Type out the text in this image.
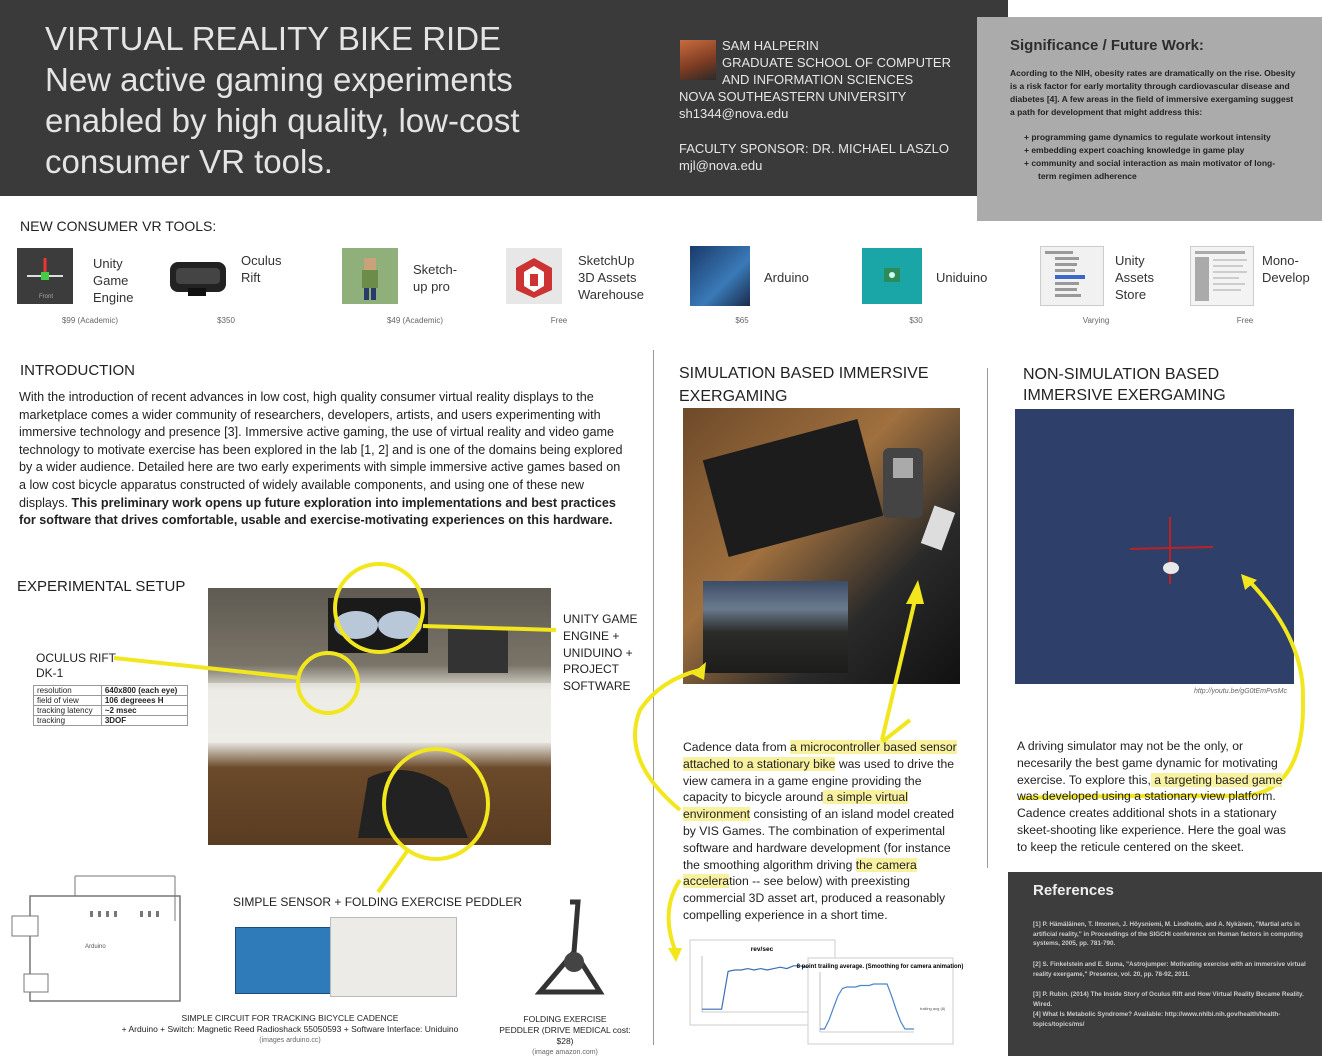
VIRTUAL REALITY BIKE RIDE
New active gaming experiments
enabled by high quality, low-cost
consumer VR tools.
SAM HALPERIN
GRADUATE SCHOOL OF COMPUTER
AND INFORMATION SCIENCES
NOVA SOUTHEASTERN UNIVERSITY
sh1344@nova.edu
FACULTY SPONSOR: DR. MICHAEL LASZLO
mjl@nova.edu
Significance / Future Work:

Acording to the NIH, obesity rates are dramatically on the rise. Obesity is a risk factor for early mortality through cardiovascular disease and diabetes [4]. A few areas in the field of immersive exergaming suggest a path for development that might address this:

+ programming game dynamics to regulate workout intensity
+ embedding expert coaching knowledge in game play
+ community and social interaction as main motivator of long-term regimen adherence
NEW CONSUMER VR TOOLS:
Front
Unity
Game
Engine
$99 (Academic)
Oculus
Rift
$350
Sketch-
up pro
$49 (Academic)
SketchUp
3D Assets
Warehouse
Free
Arduino
$65
Uniduino
$30
Unity
Assets
Store
Varying
Mono-
Develop
Free
INTRODUCTION
With the introduction of recent advances in low cost, high quality consumer virtual reality displays to the marketplace comes a wider community of researchers, developers, artists, and users experimenting with immersive technology and presence [3]. Immersive active gaming, the use of virtual reality and video game technology to motivate exercise has been explored in the lab [1, 2] and is one of the domains being explored by a wider audience. Detailed here are two early experiments with simple immersive active games based on a low cost bicycle apparatus constructed of widely available components, and using one of these new displays. This preliminary work opens up future exploration into implementations and best practices for software that drives comfortable, usable and exercise-motivating experiences on this hardware.
EXPERIMENTAL SETUP
OCULUS RIFT
DK-1
resolution	640x800 (each eye)
field of view	106 degreees H
tracking latency	~2 msec
tracking	3DOF
UNITY GAME
ENGINE +
UNIDUINO +
PROJECT
SOFTWARE
SIMPLE SENSOR + FOLDING EXERCISE PEDDLER
Arduino
SIMPLE CIRCUIT FOR TRACKING BICYCLE CADENCE
+ Arduino + Switch: Magnetic Reed Radioshack 55050593 + Software Interface: Uniduino
(images arduino.cc)
FOLDING EXERCISE
PEDDLER (DRIVE MEDICAL cost: $28)
(image amazon.com)
SIMULATION BASED IMMERSIVE
EXERGAMING
Cadence data from a microcontroller based sensor attached to a stationary bike was used to drive the view camera in a game engine providing the capacity to bicycle around a simple virtual environment consisting of an island model created by VIS Games. The combination of experimental software and hardware development (for instance the smoothing algorithm driving the camera acceleration -- see below) with preexisting commercial 3D asset art, produced a reasonably compelling experience in a short time.
rev/sec
8 point trailing average. (Smoothing for camera animation)
trailing avg (8)
NON-SIMULATION BASED
IMMERSIVE EXERGAMING
http://youtu.be/gG0tEmPvsMc
A driving simulator may not be the only, or necesarily the best game dynamic for motivating exercise. To explore this, a targeting based game was developed using a stationary view platform. Cadence creates additional shots in a stationary skeet-shooting like experience. Here the goal was to keep the reticule centered on the skeet.
References
[1] P. Hämäläinen, T. Ilmonen, J. Höysniemi, M. Lindholm, and A. Nykänen, "Martial arts in artificial reality," in Proceedings of the SIGCHI conference on Human factors in computing systems, 2005, pp. 781-790.
[2] S. Finkelstein and E. Suma, "Astrojumper: Motivating exercise with an immersive virtual reality exergame," Presence, vol. 20, pp. 78-92, 2011.
[3] P. Rubin. (2014) The Inside Story of Oculus Rift and How Virtual Reality Became Reality. Wired.
[4] What Is Metabolic Syndrome? Available: http://www.nhlbi.nih.gov/health/health-topics/topics/ms/
